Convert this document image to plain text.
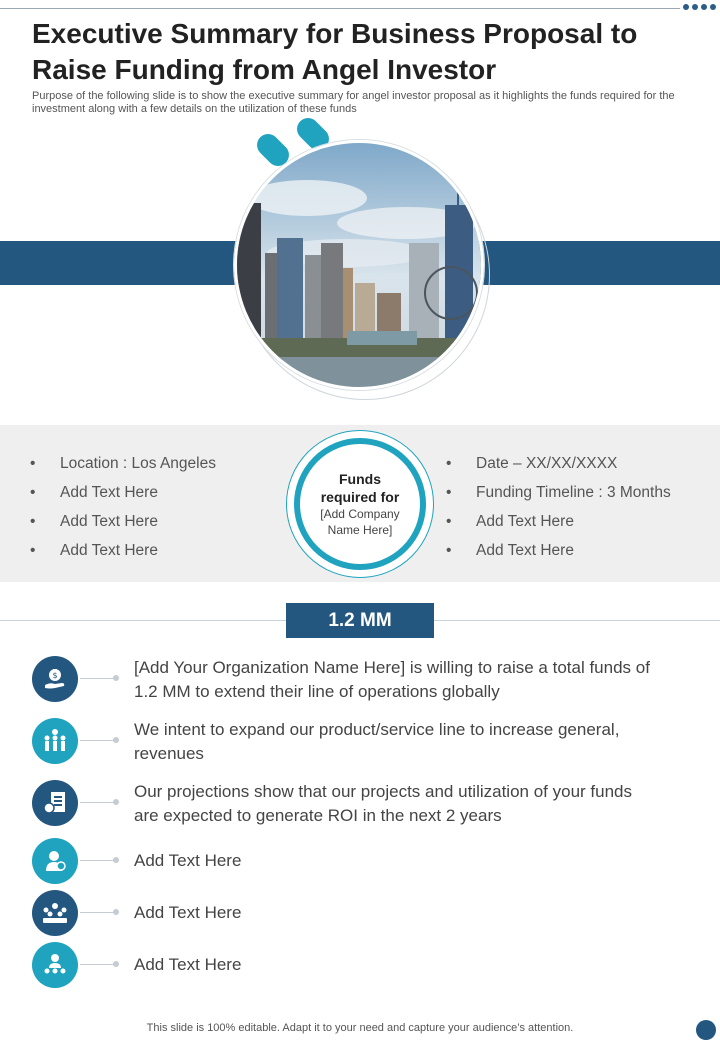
Executive Summary for Business Proposal to Raise Funding from Angel Investor

Purpose of the following slide is to show the executive summary for angel investor proposal as it highlights the funds required for the investment along with a few details on the utilization of these funds

• Location : Los Angeles
• Add Text Here
• Add Text Here
• Add Text Here
• Date – XX/XX/XXXX
• Funding Timeline : 3 Months
• Add Text Here
• Add Text Here
Funds required for
[Add Company Name Here]
1.2 MM
$	[Add Your Organization Name Here] is willing to raise a total funds of 1.2 MM to extend their line of operations globally
We intent to expand our product/service line to increase general, revenues
Our projections show that our projects and utilization of your funds are expected to generate ROI in the next 2 years
Add Text Here
Add Text Here
Add Text Here
This slide is 100% editable. Adapt it to your need and capture your audience’s attention.
